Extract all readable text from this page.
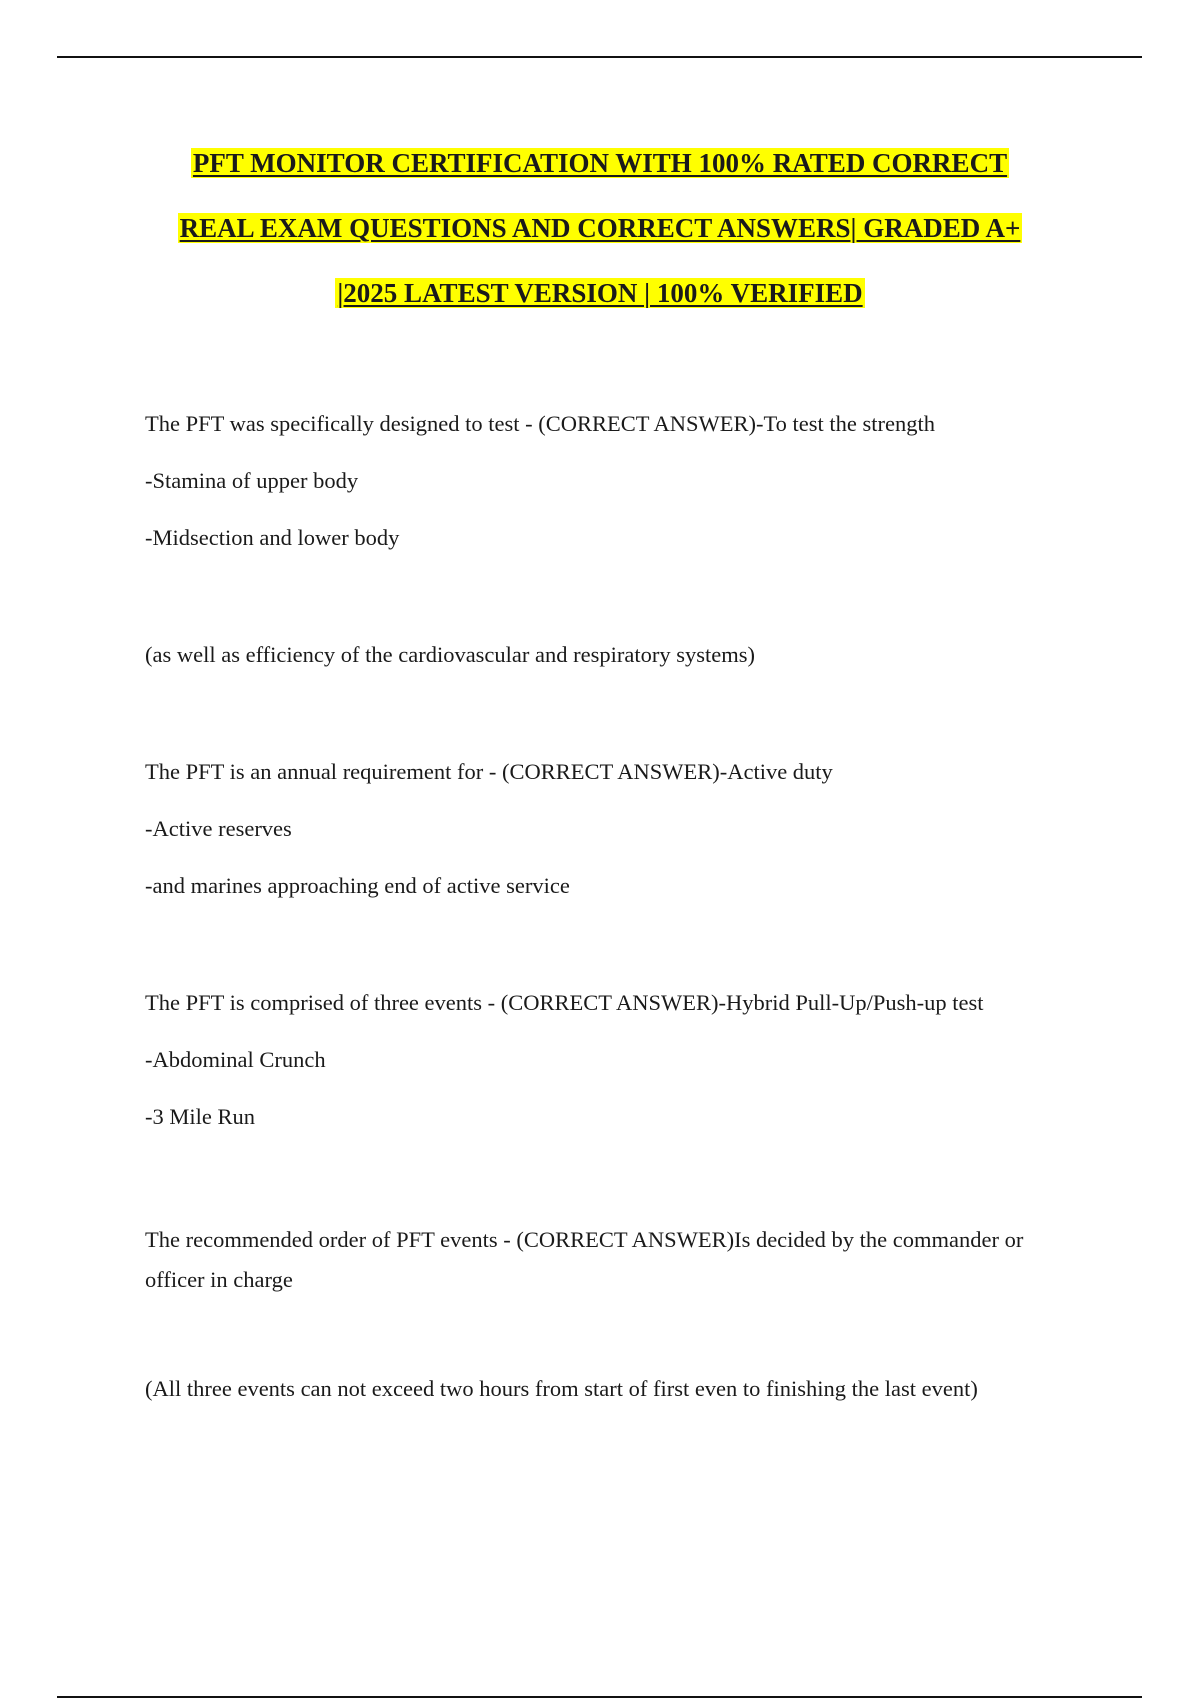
PFT MONITOR CERTIFICATION WITH 100% RATED CORRECT
REAL EXAM QUESTIONS AND CORRECT ANSWERS| GRADED A+
|2025 LATEST VERSION | 100% VERIFIED

The PFT was specifically designed to test - (CORRECT ANSWER)-To test the strength

-Stamina of upper body

-Midsection and lower body

(as well as efficiency of the cardiovascular and respiratory systems)

The PFT is an annual requirement for - (CORRECT ANSWER)-Active duty

-Active reserves

-and marines approaching end of active service

The PFT is comprised of three events - (CORRECT ANSWER)-Hybrid Pull-Up/Push-up test

-Abdominal Crunch

-3 Mile Run

The recommended order of PFT events - (CORRECT ANSWER)Is decided by the commander or officer in charge

(All three events can not exceed two hours from start of first even to finishing the last event)
